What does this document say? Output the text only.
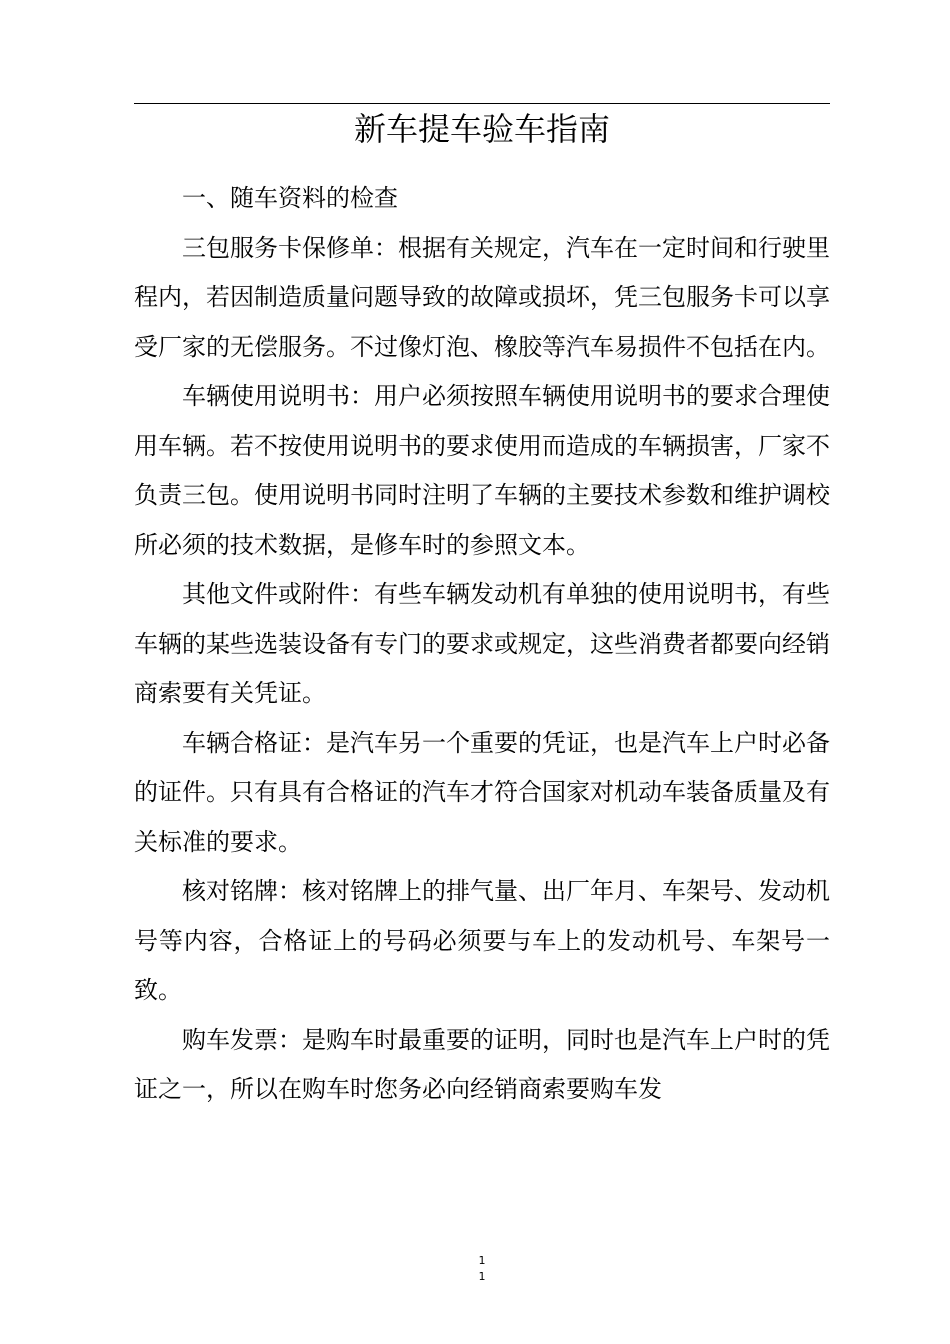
新车提车验车指南

一、随车资料的检查

三包服务卡保修单：根据有关规定，汽车在一定时间和行驶里程内，若因制造质量问题导致的故障或损坏，凭三包服务卡可以享受厂家的无偿服务。不过像灯泡、橡胶等汽车易损件不包括在内。

车辆使用说明书：用户必须按照车辆使用说明书的要求合理使用车辆。若不按使用说明书的要求使用而造成的车辆损害，厂家不负责三包。使用说明书同时注明了车辆的主要技术参数和维护调校所必须的技术数据，是修车时的参照文本。

其他文件或附件：有些车辆发动机有单独的使用说明书，有些车辆的某些选装设备有专门的要求或规定，这些消费者都要向经销商索要有关凭证。

车辆合格证：是汽车另一个重要的凭证，也是汽车上户时必备的证件。只有具有合格证的汽车才符合国家对机动车装备质量及有关标准的要求。

核对铭牌：核对铭牌上的排气量、出厂年月、车架号、发动机号等内容，合格证上的号码必须要与车上的发动机号、车架号一致。

购车发票：是购车时最重要的证明，同时也是汽车上户时的凭证之一，所以在购车时您务必向经销商索要购车发

1
1
